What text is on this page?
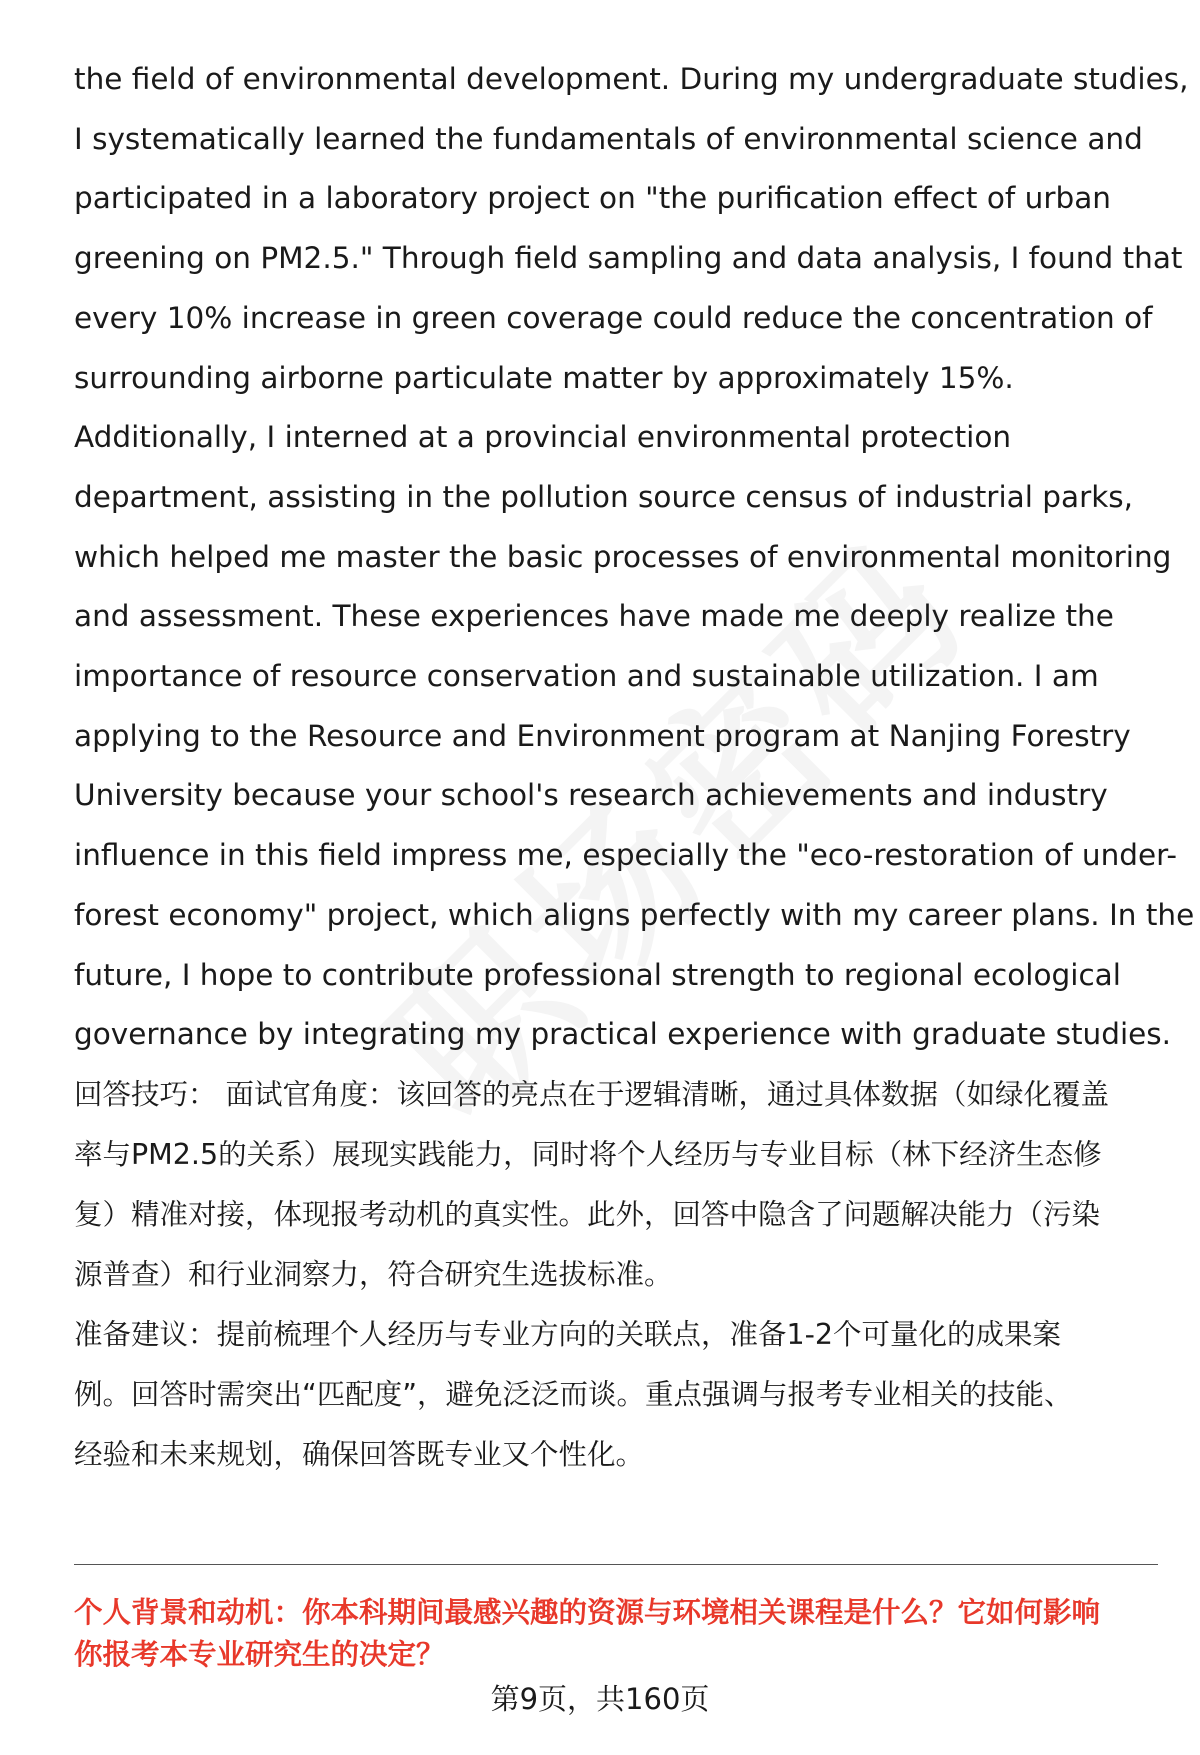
the field of environmental development. During my undergraduate studies,
I systematically learned the fundamentals of environmental science and
participated in a laboratory project on "the purification effect of urban
greening on PM2.5." Through field sampling and data analysis, I found that
every 10% increase in green coverage could reduce the concentration of
surrounding airborne particulate matter by approximately 15%.
Additionally, I interned at a provincial environmental protection
department, assisting in the pollution source census of industrial parks,
which helped me master the basic processes of environmental monitoring
and assessment. These experiences have made me deeply realize the
importance of resource conservation and sustainable utilization. I am
applying to the Resource and Environment program at Nanjing Forestry
University because your school's research achievements and industry
influence in this field impress me, especially the "eco-restoration of under-
forest economy" project, which aligns perfectly with my career plans. In the
future, I hope to contribute professional strength to regional ecological
governance by integrating my practical experience with graduate studies.
回答技巧： 面试官角度：该回答的亮点在于逻辑清晰，通过具体数据（如绿化覆盖
率与PM2.5的关系）展现实践能力，同时将个人经历与专业目标（林下经济生态修
复）精准对接，体现报考动机的真实性。此外，回答中隐含了问题解决能力（污染
源普查）和行业洞察力，符合研究生选拔标准。
准备建议：提前梳理个人经历与专业方向的关联点，准备1-2个可量化的成果案
例。回答时需突出“匹配度”，避免泛泛而谈。重点强调与报考专业相关的技能、
经验和未来规划，确保回答既专业又个性化。
个人背景和动机：你本科期间最感兴趣的资源与环境相关课程是什么？它如何影响
你报考本专业研究生的决定？
第9页，共160页
